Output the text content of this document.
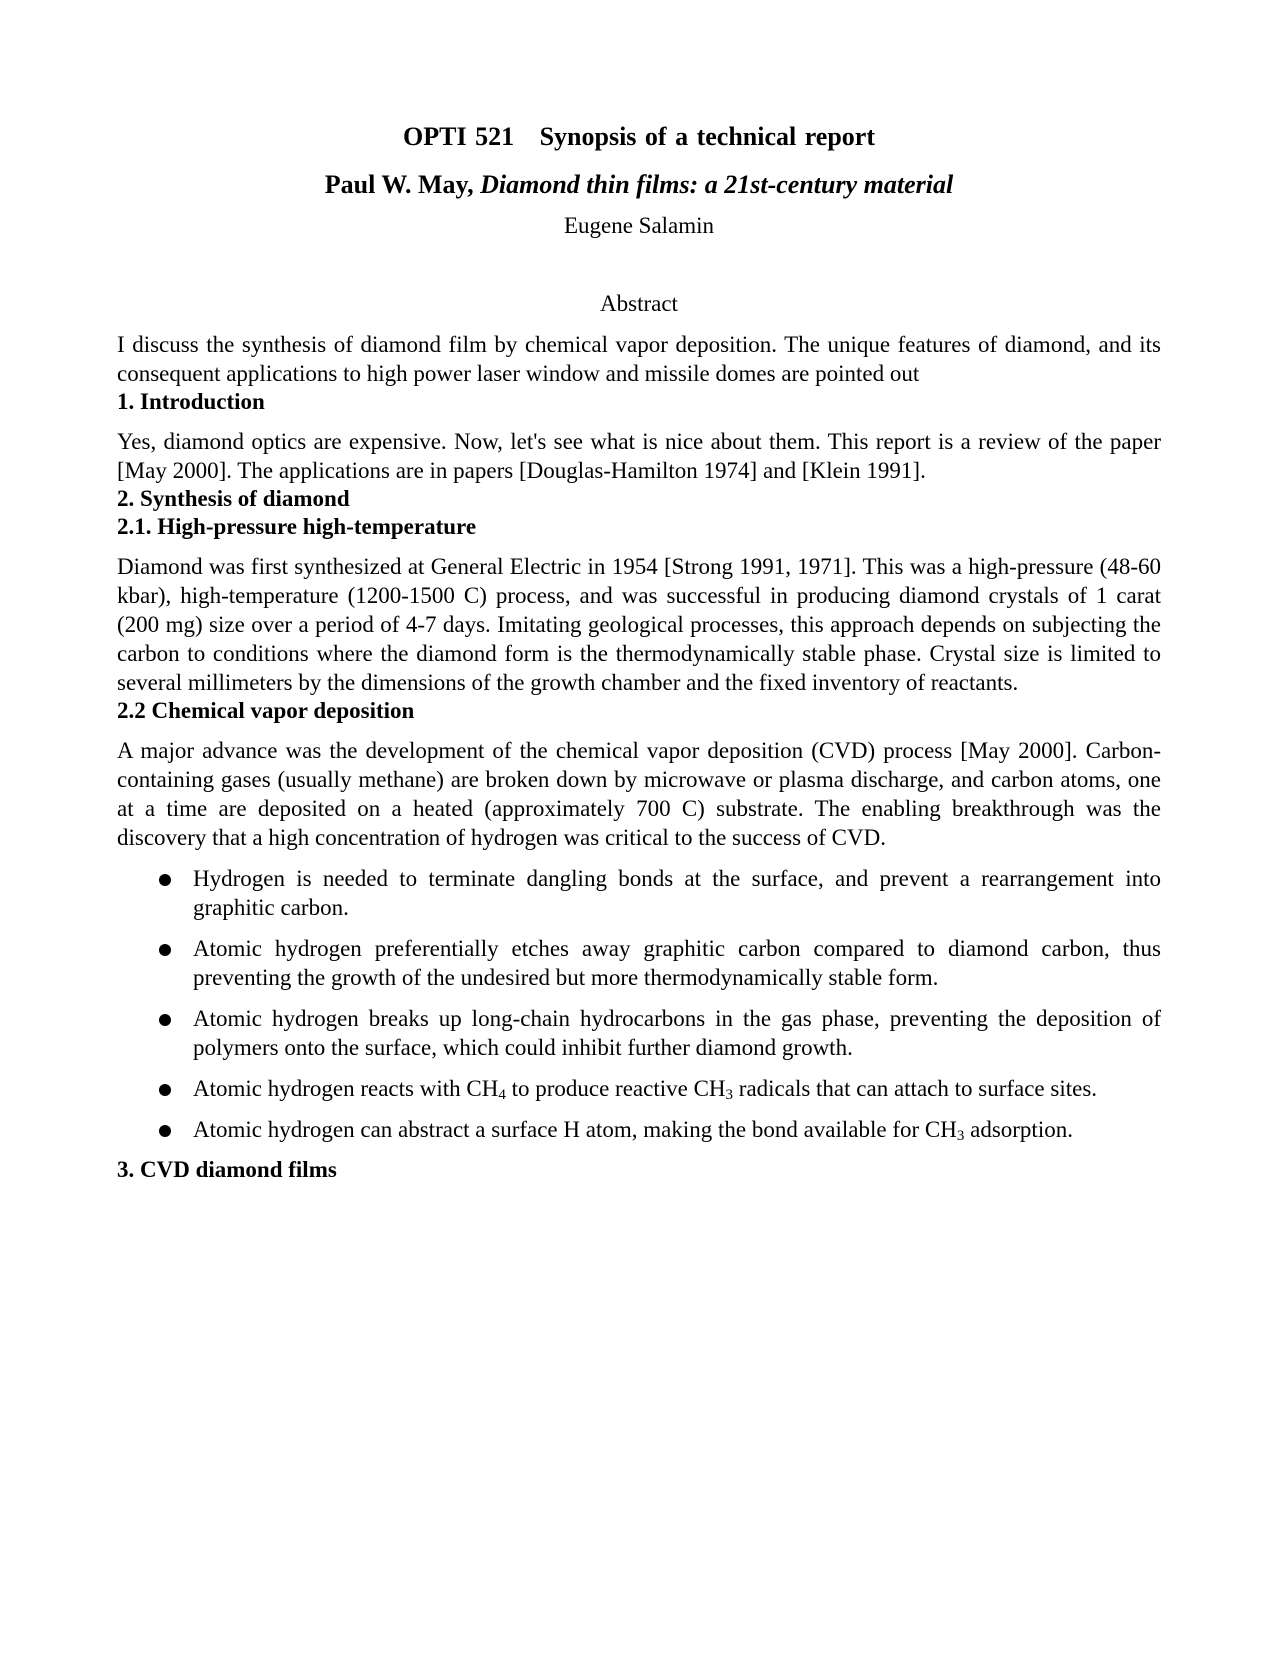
OPTI 521 Synopsis of a technical report
Paul W. May, Diamond thin films: a 21st-century material
Eugene Salamin
Abstract

I discuss the synthesis of diamond film by chemical vapor deposition. The unique features of diamond, and its consequent applications to high power laser window and missile domes are pointed out

1. Introduction

Yes, diamond optics are expensive. Now, let's see what is nice about them. This report is a review of the paper [May 2000]. The applications are in papers [Douglas-Hamilton 1974] and [Klein 1991].

2. Synthesis of diamond
2.1. High-pressure high-temperature

Diamond was first synthesized at General Electric in 1954 [Strong 1991, 1971]. This was a high-pressure (48-60 kbar), high-temperature (1200-1500 C) process, and was successful in producing diamond crystals of 1 carat (200 mg) size over a period of 4-7 days. Imitating geological processes, this approach depends on subjecting the carbon to conditions where the diamond form is the thermodynamically stable phase. Crystal size is limited to several millimeters by the dimensions of the growth chamber and the fixed inventory of reactants.

2.2 Chemical vapor deposition

A major advance was the development of the chemical vapor deposition (CVD) process [May 2000]. Carbon-containing gases (usually methane) are broken down by microwave or plasma discharge, and carbon atoms, one at a time are deposited on a heated (approximately 700 C) substrate. The enabling breakthrough was the discovery that a high concentration of hydrogen was critical to the success of CVD.

Hydrogen is needed to terminate dangling bonds at the surface, and prevent a rearrangement into graphitic carbon.
Atomic hydrogen preferentially etches away graphitic carbon compared to diamond carbon, thus preventing the growth of the undesired but more thermodynamically stable form.
Atomic hydrogen breaks up long-chain hydrocarbons in the gas phase, preventing the deposition of polymers onto the surface, which could inhibit further diamond growth.
Atomic hydrogen reacts with $CH_4$ to produce reactive $CH_3$ radicals that can attach to surface sites.
Atomic hydrogen can abstract a surface H atom, making the bond available for $CH_3$ adsorption.
3. CVD diamond films
